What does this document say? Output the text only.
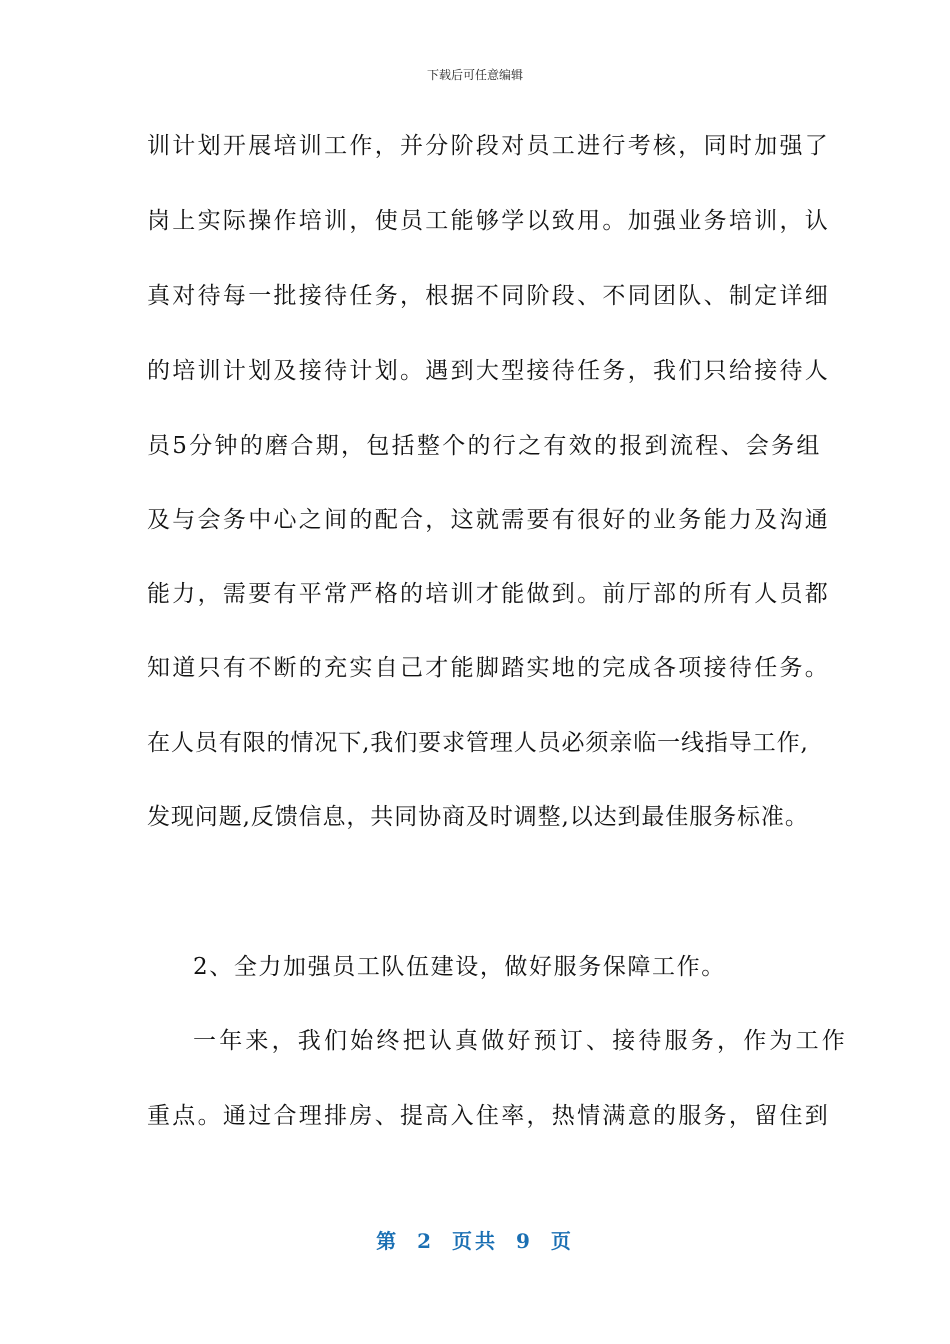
下载后可任意编辑
训计划开展培训工作，并分阶段对员工进行考核，同时加强了
岗上实际操作培训，使员工能够学以致用。加强业务培训，认
真对待每一批接待任务，根据不同阶段、不同团队、制定详细
的培训计划及接待计划。遇到大型接待任务，我们只给接待人
员5分钟的磨合期，包括整个的行之有效的报到流程、会务组
及与会务中心之间的配合，这就需要有很好的业务能力及沟通
能力，需要有平常严格的培训才能做到。前厅部的所有人员都
知道只有不断的充实自己才能脚踏实地的完成各项接待任务。
在人员有限的情况下,我们要求管理人员必须亲临一线指导工作,
发现问题,反馈信息，共同协商及时调整,以达到最佳服务标准。
2、全力加强员工队伍建设，做好服务保障工作。
一年来，我们始终把认真做好预订、接待服务，作为工作
重点。通过合理排房、提高入住率，热情满意的服务，留住到
第 2 页共 9 页
